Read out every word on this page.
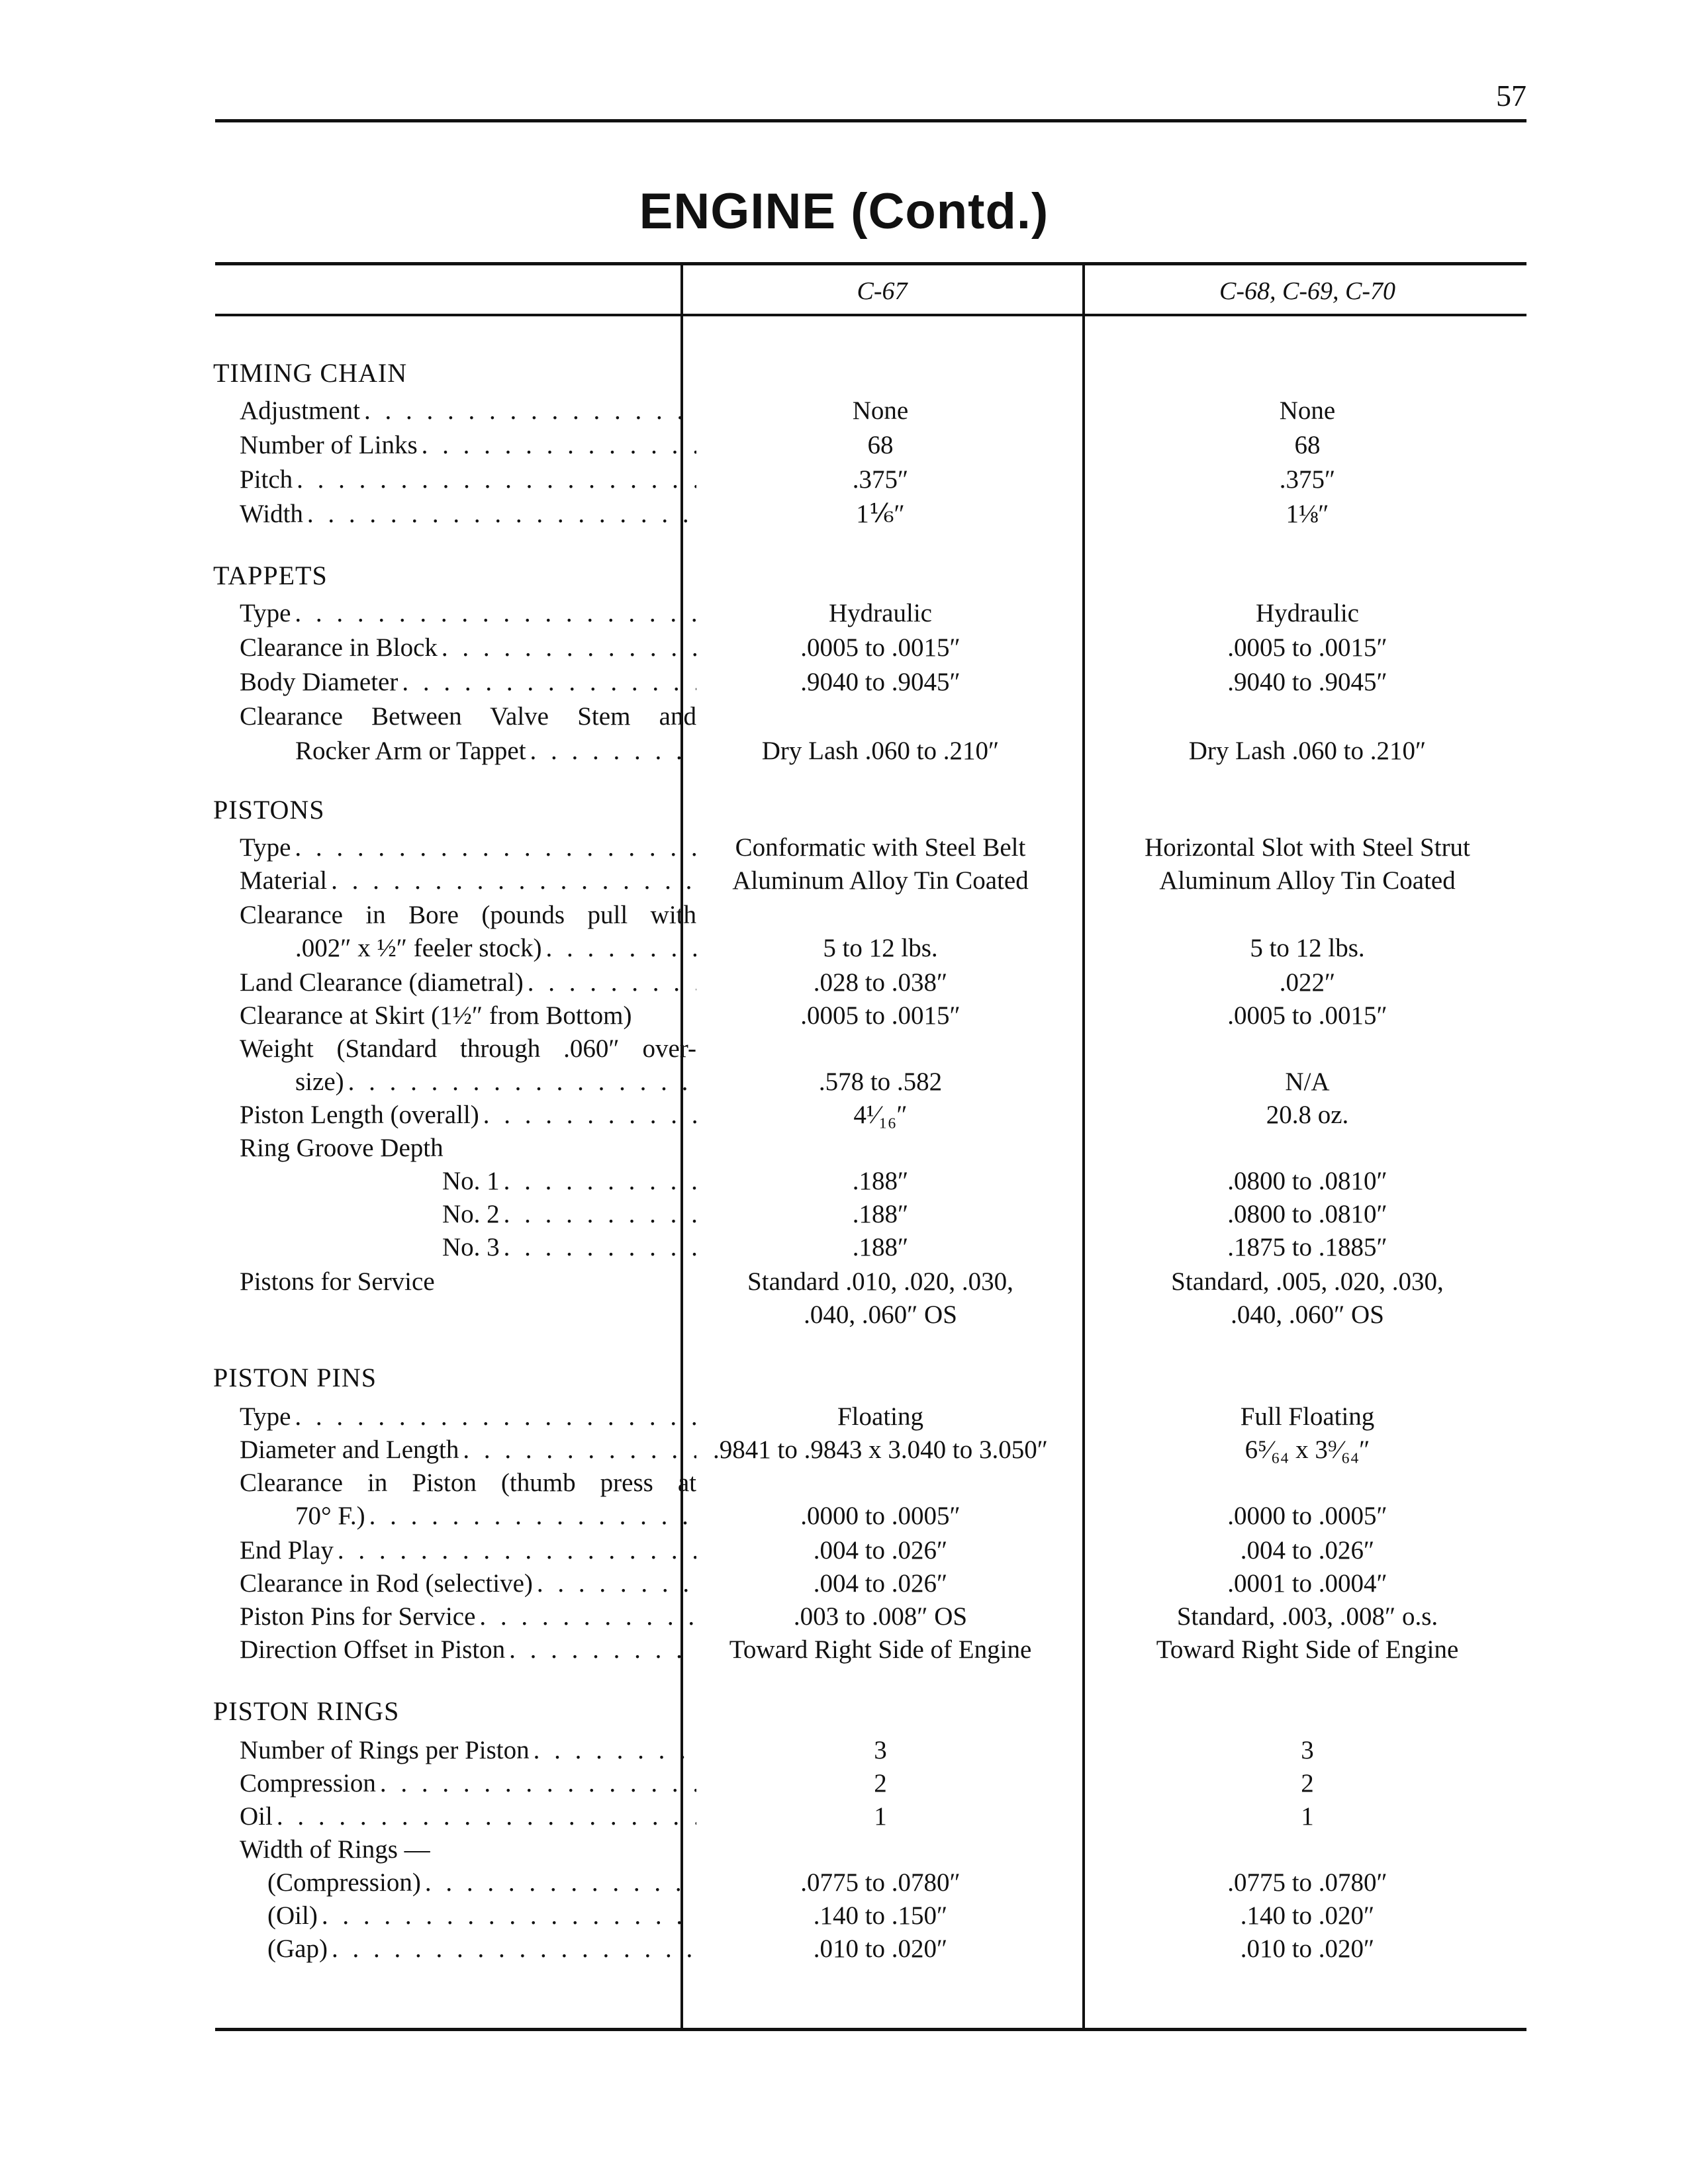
57
ENGINE (Contd.)
C-67	C-68, C-69, C-70
TIMING CHAIN
TAPPETS
PISTONS
PISTON PINS
PISTON RINGS
Adjustment . . .	None	None
Number of Links . . .	68	68
Pitch . . .	.375″	.375″
Width . . .	1⅙″	1⅛″
Type . . .	Hydraulic	Hydraulic
Clearance in Block . . .	.0005 to .0015″	.0005 to .0015″
Body Diameter . . .	.9040 to .9045″	.9040 to .9045″
Clearance Between Valve Stem and
Rocker Arm or Tappet . . .	Dry Lash .060 to .210″	Dry Lash .060 to .210″
Type . . .	Conformatic with Steel Belt	Horizontal Slot with Steel Strut
Material . . .	Aluminum Alloy Tin Coated	Aluminum Alloy Tin Coated
Clearance in Bore (pounds pull with
.002″ x ½″ feeler stock) . . .	5 to 12 lbs.	5 to 12 lbs.
Land Clearance (diametral) . . .	.028 to .038″	.022″
Clearance at Skirt (1½″ from Bottom)	.0005 to .0015″	.0005 to .0015″
Weight (Standard through .060″ over-
size) . . .	.578 to .582	N/A
Piston Length (overall) . . .	4¹⁄₁₆″	20.8 oz.
Ring Groove Depth
No. 1 . . .	.188″	.0800 to .0810″
No. 2 . . .	.188″	.0800 to .0810″
No. 3 . . .	.188″	.1875 to .1885″
Pistons for Service	Standard .010, .020, .030,	Standard, .005, .020, .030,
.040, .060″ OS	.040, .060″ OS
Type . . .	Floating	Full Floating
Diameter and Length . . .	.9841 to .9843 x 3.040 to 3.050″	6⁵⁄₆₄ x 3⁹⁄₆₄″
Clearance in Piston (thumb press at
70° F.) . . .	.0000 to .0005″	.0000 to .0005″
End Play . . .	.004 to .026″	.004 to .026″
Clearance in Rod (selective) . . .	.004 to .026″	.0001 to .0004″
Piston Pins for Service . . .	.003 to .008″ OS	Standard, .003, .008″ o.s.
Direction Offset in Piston . . .	Toward Right Side of Engine	Toward Right Side of Engine
Number of Rings per Piston . . .	3	3
Compression . . .	2	2
Oil . . .	1	1
Width of Rings —
(Compression) . . .	.0775 to .0780″	.0775 to .0780″
(Oil) . . .	.140 to .150″	.140 to .020″
(Gap) . . .	.010 to .020″	.010 to .020″
